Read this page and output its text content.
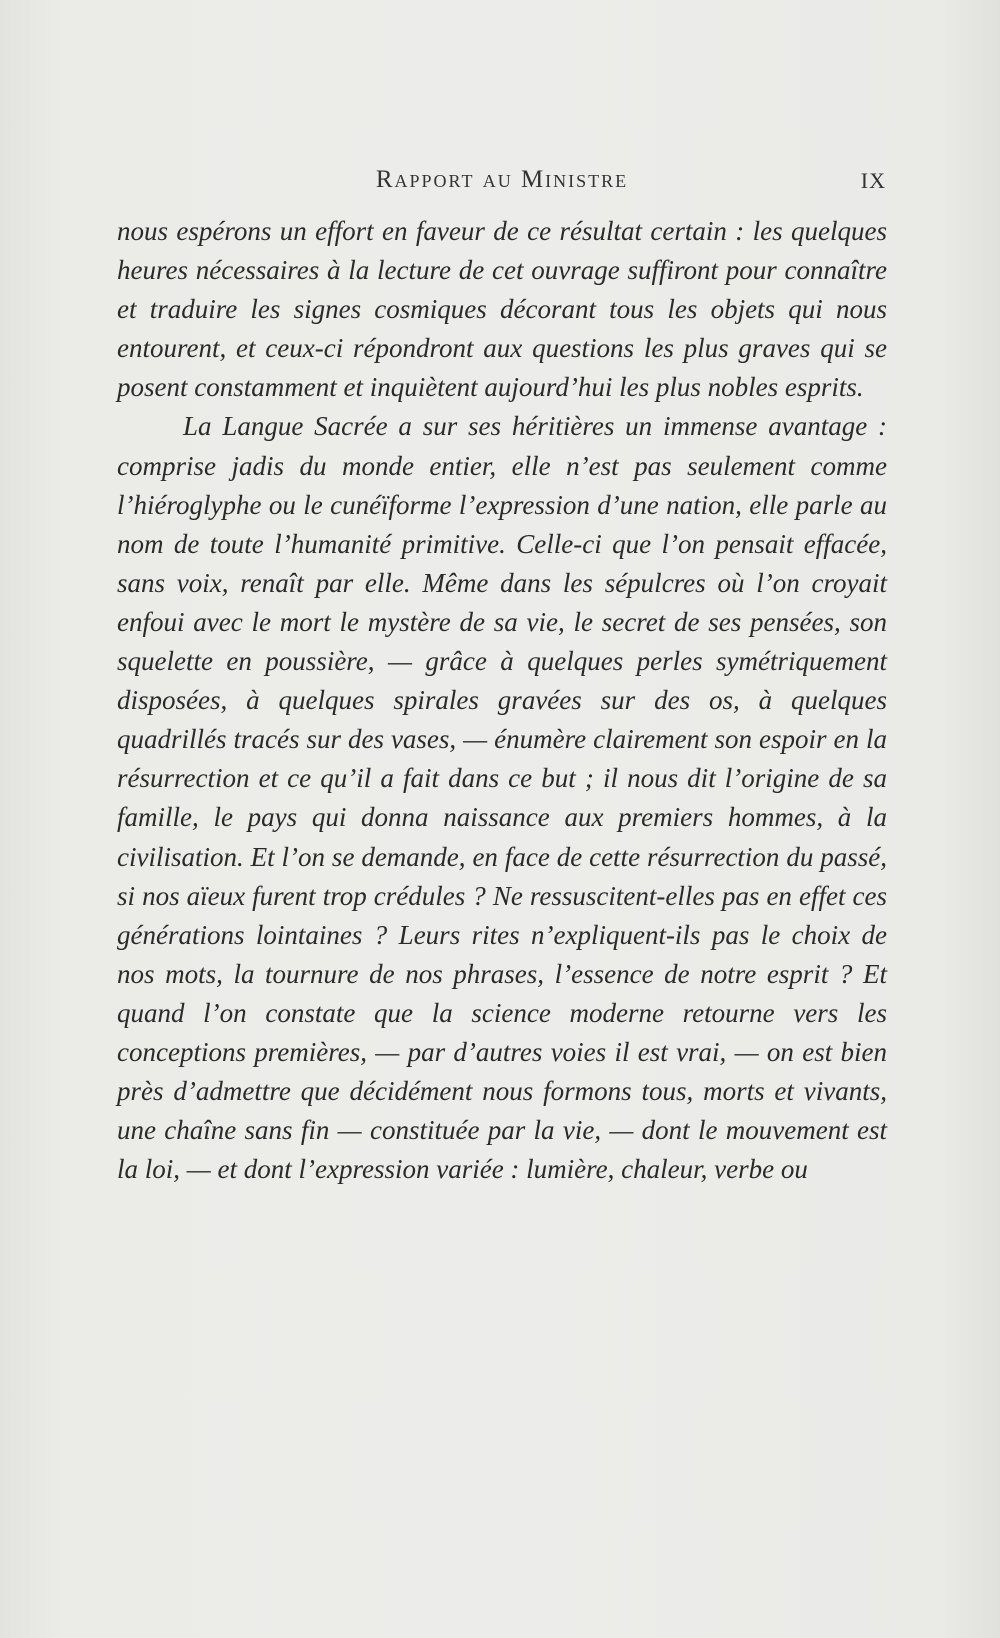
Rapport au Ministre	IX

nous espérons un effort en faveur de ce résultat certain : les quelques heures nécessaires à la lecture de cet ouvrage suffiront pour connaître et traduire les signes cosmiques décorant tous les objets qui nous entourent, et ceux-ci répondront aux questions les plus graves qui se posent constamment et inquiètent aujourd’hui les plus nobles esprits.

La Langue Sacrée a sur ses héritières un immense avantage : comprise jadis du monde entier, elle n’est pas seulement comme l’hiéroglyphe ou le cunéïforme l’expression d’une nation, elle parle au nom de toute l’humanité primitive. Celle-ci que l’on pensait effacée, sans voix, renaît par elle. Même dans les sépulcres où l’on croyait enfoui avec le mort le mystère de sa vie, le secret de ses pensées, son squelette en poussière, — grâce à quelques perles symétriquement disposées, à quelques spirales gravées sur des os, à quelques quadrillés tracés sur des vases, — énumère clairement son espoir en la résurrection et ce qu’il a fait dans ce but ; il nous dit l’origine de sa famille, le pays qui donna naissance aux premiers hommes, à la civilisation. Et l’on se demande, en face de cette résurrection du passé, si nos aïeux furent trop crédules ? Ne ressuscitent-elles pas en effet ces générations lointaines ? Leurs rites n’expliquent-ils pas le choix de nos mots, la tournure de nos phrases, l’essence de notre esprit ? Et quand l’on constate que la science moderne retourne vers les conceptions premières, — par d’autres voies il est vrai, — on est bien près d’admettre que décidément nous formons tous, morts et vivants, une chaîne sans fin — constituée par la vie, — dont le mouvement est la loi, — et dont l’expression variée : lumière, chaleur, verbe ou
